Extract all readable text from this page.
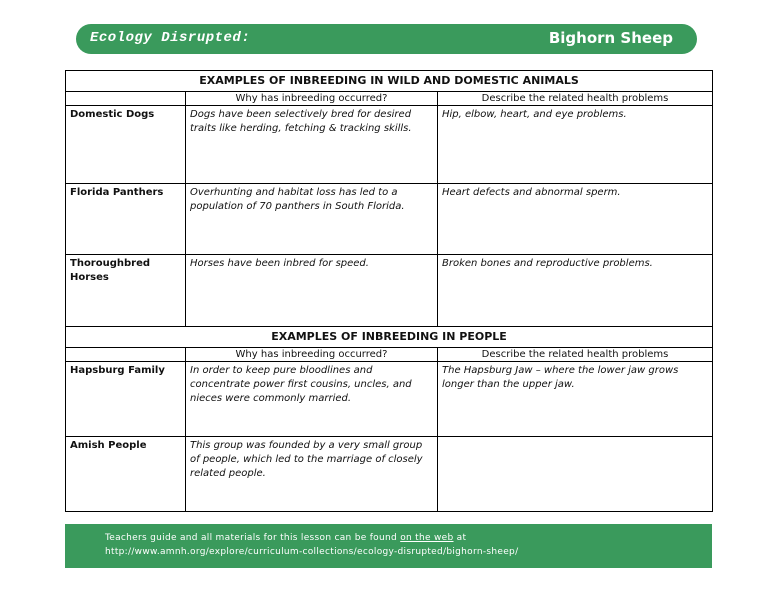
Ecology Disrupted:	Bighorn Sheep
EXAMPLES OF INBREEDING IN WILD AND DOMESTIC ANIMALS		
	Why has inbreeding occurred?	Describe the related health problems
Domestic Dogs	Dogs have been selectively bred for desired traits like herding, fetching & tracking skills.	Hip, elbow, heart, and eye problems.
Florida Panthers	Overhunting and habitat loss has led to a population of 70 panthers in South Florida.	Heart defects and abnormal sperm.
Thoroughbred Horses	Horses have been inbred for speed.	Broken bones and reproductive problems.
EXAMPLES OF INBREEDING IN PEOPLE		
	Why has inbreeding occurred?	Describe the related health problems
Hapsburg Family	In order to keep pure bloodlines and concentrate power first cousins, uncles, and nieces were commonly married.	The Hapsburg Jaw – where the lower jaw grows longer than the upper jaw.
Amish People	This group was founded by a very small group of people, which led to the marriage of closely related people.	
Teachers guide and all materials for this lesson can be found on the web at
http://www.amnh.org/explore/curriculum-collections/ecology-disrupted/bighorn-sheep/
